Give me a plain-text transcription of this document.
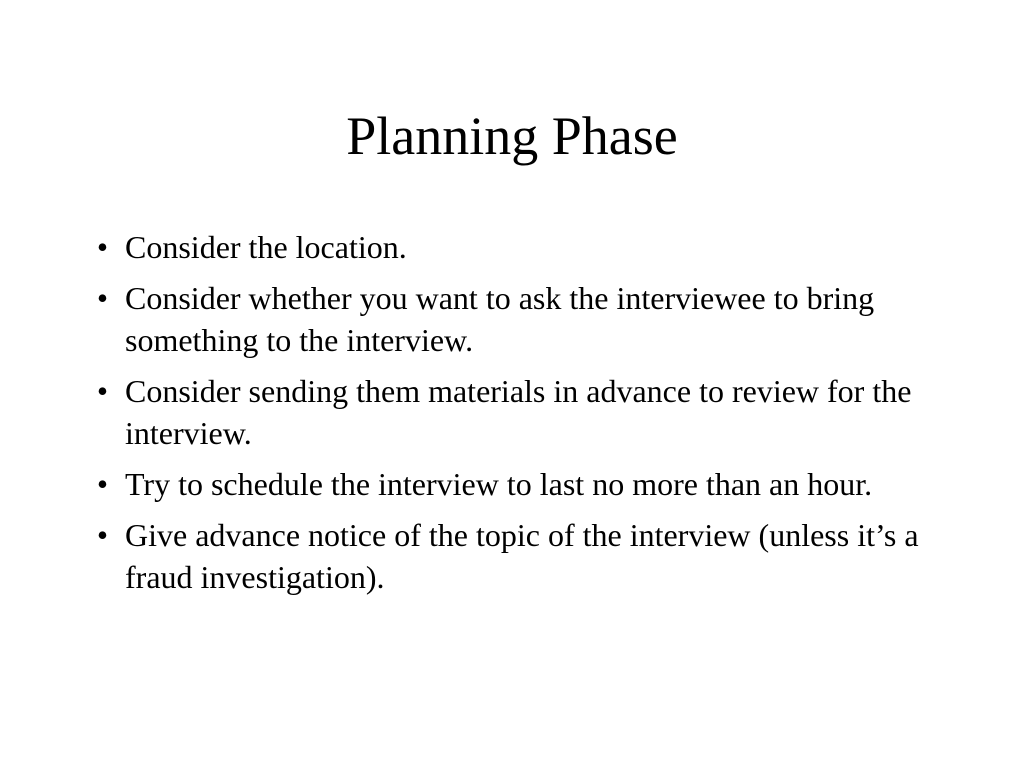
Planning Phase
• Consider the location.
• Consider whether you want to ask the interviewee to bring something to the interview.
• Consider sending them materials in advance to review for the interview.
• Try to schedule the interview to last no more than an hour.
• Give advance notice of the topic of the interview (unless it’s a fraud investigation).
